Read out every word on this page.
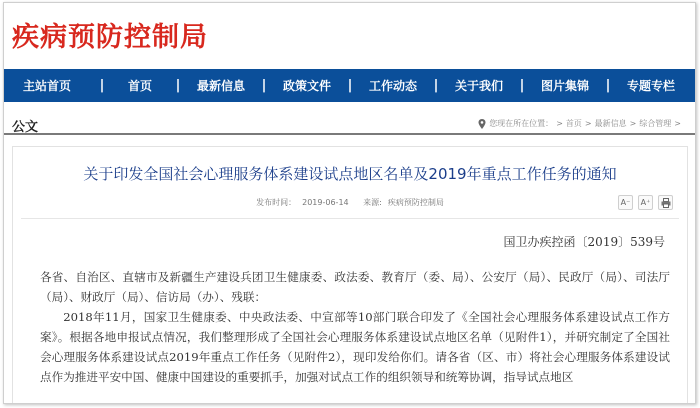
疾病预防控制局
主站首页	|	首页	|	最新信息	|	政策文件	|	工作动态	|	关于我们	|	图片集锦	|	专题专栏
公文	您现在所在位置： > 首页 > 最新信息 > 综合管理 >
关于印发全国社会心理服务体系建设试点地区名单及2019年重点工作任务的通知
发布时间： 2019-06-14 来源: 疾病预防控制局	A⁻	A⁺
国卫办疾控函〔2019〕539号

各省、自治区、直辖市及新疆生产建设兵团卫生健康委、政法委、教育厅（委、局）、公安厅（局）、民政厅（局）、司法厅（局）、财政厅（局）、信访局（办）、残联：

2018年11月，国家卫生健康委、中央政法委、中宣部等10部门联合印发了《全国社会心理服务体系建设试点工作方案》。根据各地申报试点情况，我们整理形成了全国社会心理服务体系建设试点地区名单（见附件1），并研究制定了全国社会心理服务体系建设试点2019年重点工作任务（见附件2），现印发给你们。请各省（区、市）将社会心理服务体系建设试点作为推进平安中国、健康中国建设的重要抓手，加强对试点工作的组织领导和统筹协调，指导试点地区
